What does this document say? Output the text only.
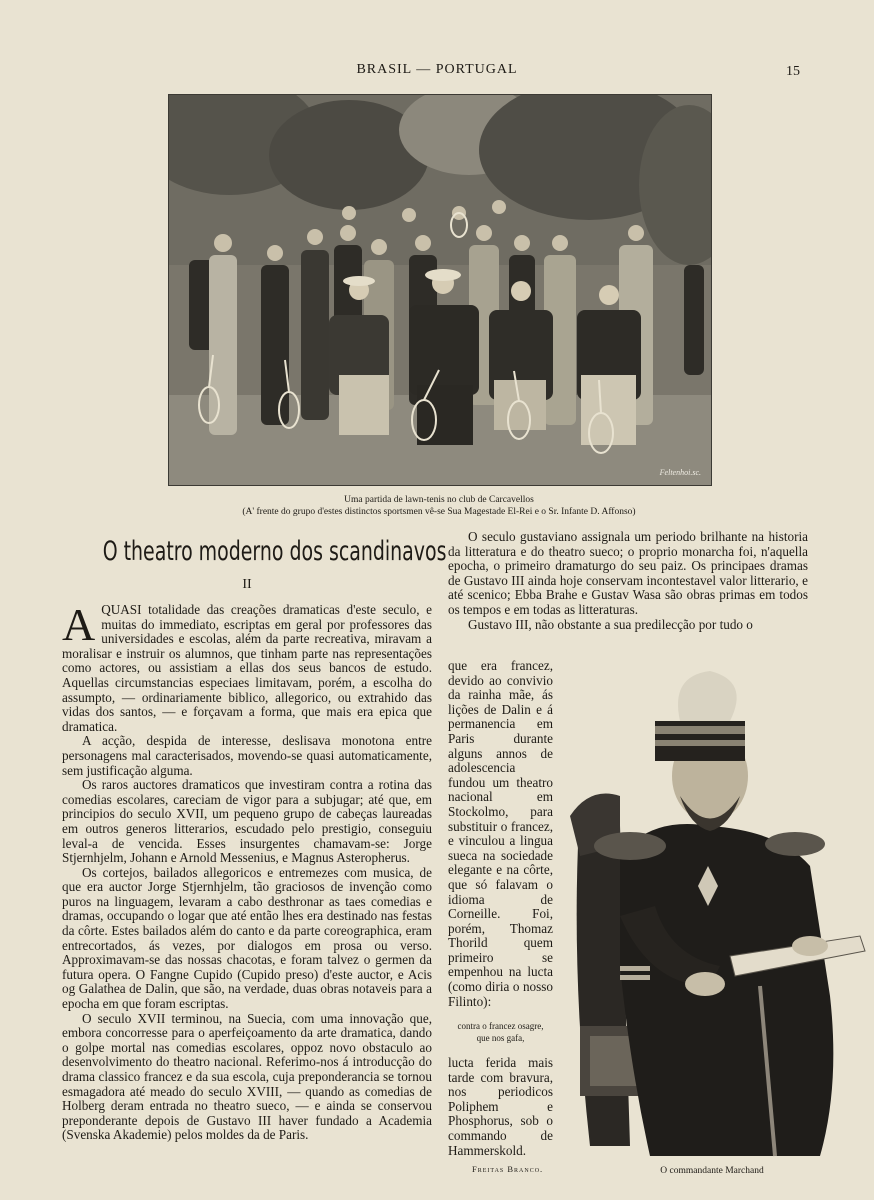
BRASIL — PORTUGAL	15
Feltenhoi.sc.
Uma partida de lawn-tenis no club de Carcavellos
(A' frente do grupo d'estes distinctos sportsmen vê-se Sua Magestade El-Rei e o Sr. Infante D. Affonso)
O theatro moderno dos scandinavos
II

AQUASI totalidade das creações dramaticas d'este seculo, e muitas do immediato, escriptas em geral por professores das universidades e escolas, além da parte recreativa, miravam a moralisar e instruir os alumnos, que tinham parte nas representações como actores, ou assistiam a ellas dos seus bancos de estudo. Aquellas circumstancias especiaes limitavam, porém, a escolha do assumpto, — ordinariamente biblico, allegorico, ou extrahido das vidas dos santos, — e forçavam a forma, que mais era epica que dramatica.

A acção, despida de interesse, deslisava monotona entre personagens mal caracterisados, movendo-se quasi automaticamente, sem justificação alguma.

Os raros auctores dramaticos que investiram contra a rotina das comedias escolares, careciam de vigor para a subjugar; até que, em principios do seculo XVII, um pequeno grupo de cabeças laureadas em outros generos litterarios, escudado pelo prestigio, conseguiu leval-a de vencida. Esses insurgentes chamavam-se: Jorge Stjernhjelm, Johann e Arnold Messenius, e Magnus Asteropherus.

Os cortejos, bailados allegoricos e entremezes com musica, de que era auctor Jorge Stjernhjelm, tão graciosos de invenção como puros na linguagem, levaram a cabo desthronar as taes comedias e dramas, occupando o logar que até então lhes era destinado nas festas da côrte. Estes bailados além do canto e da parte coreographica, eram entrecortados, ás vezes, por dialogos em prosa ou verso. Approximavam-se das nossas chacotas, e foram talvez o germen da futura opera. O Fangne Cupido (Cupido preso) d'este auctor, e Acis og Galathea de Dalin, que são, na verdade, duas obras notaveis para a epocha em que foram escriptas.

O seculo XVII terminou, na Suecia, com uma innovação que, embora concorresse para o aperfeiçoamento da arte dramatica, dando o golpe mortal nas comedias escolares, oppoz novo obstaculo ao desenvolvimento do theatro nacional. Referimo-nos á introducção do drama classico francez e da sua escola, cuja preponderancia se tornou esmagadora até meado do seculo XVIII, — quando as comedias de Holberg deram entrada no theatro sueco, — e ainda se conservou preponderante depois de Gustavo III haver fundado a Academia (Svenska Akademie) pelos moldes da de Paris.

O seculo gustaviano assignala um periodo brilhante na historia da litteratura e do theatro sueco; o proprio monarcha foi, n'aquella epocha, o primeiro dramaturgo do seu paiz. Os principaes dramas de Gustavo III ainda hoje conservam incontestavel valor litterario, e até scenico; Ebba Brahe e Gustav Wasa são obras primas em todos os tempos e em todas as litteraturas.

Gustavo III, não obstante a sua predilecção por tudo o

que era francez, devido ao convivio da rainha mãe, ás lições de Dalin e á permanencia em Paris durante alguns annos de adolescencia fundou um theatro nacional em Stockolmo, para substituir o francez, e vinculou a lingua sueca na sociedade elegante e na côrte, que só falavam o idioma de Corneille. Foi, porém, Thomaz Thorild quem primeiro se empenhou na lucta (como diria o nosso Filinto):
contra o francez osagre,
que nos gafa,
lucta ferida mais tarde com bravura, nos periodicos Poliphem e Phosphorus, sob o commando de Hammerskold.
Freitas Branco.	O commandante Marchand
